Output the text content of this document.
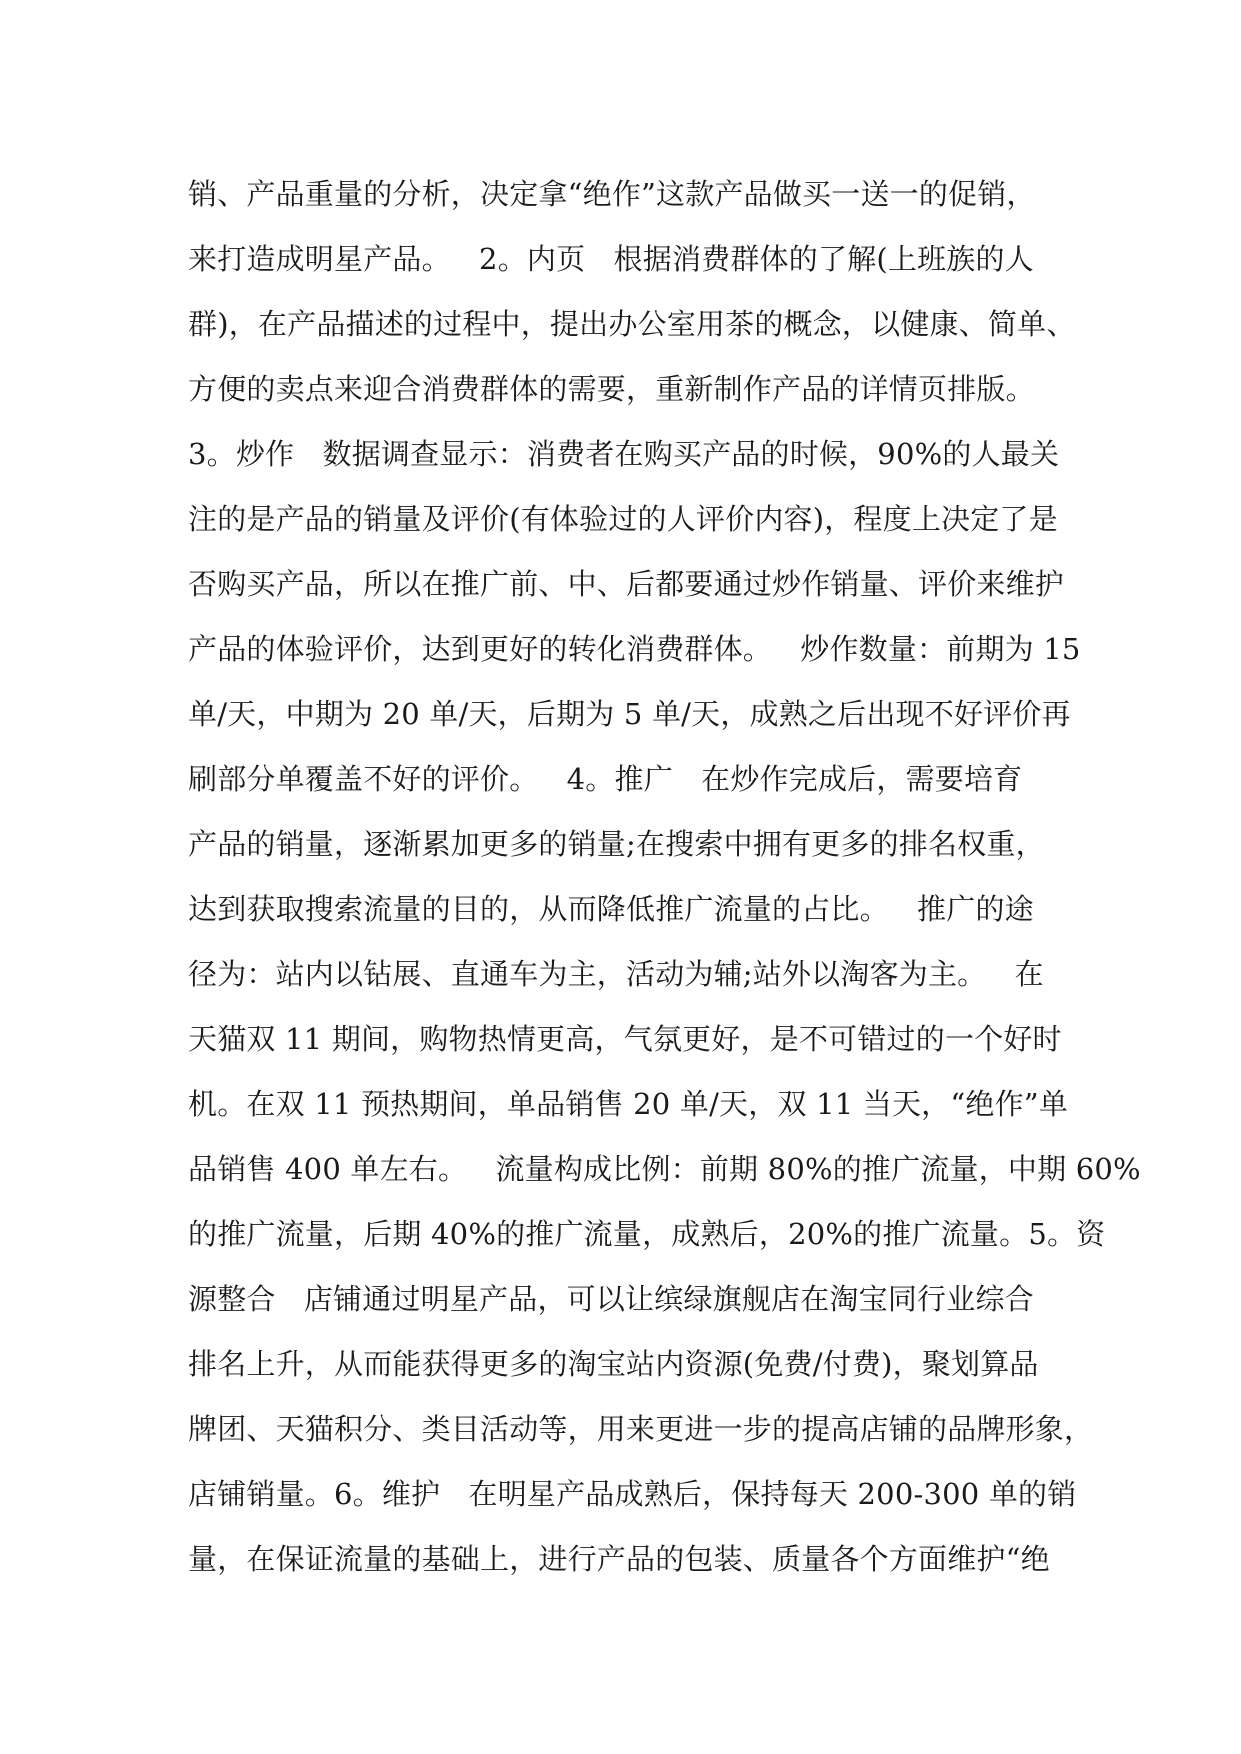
销、产品重量的分析，决定拿“绝作”这款产品做买一送一的促销，
来打造成明星产品。   2。内页   根据消费群体的了解(上班族的人
群)，在产品描述的过程中，提出办公室用茶的概念，以健康、简单、
方便的卖点来迎合消费群体的需要，重新制作产品的详情页排版。
3。炒作   数据调查显示：消费者在购买产品的时候，90%的人最关
注的是产品的销量及评价(有体验过的人评价内容)，程度上决定了是
否购买产品，所以在推广前、中、后都要通过炒作销量、评价来维护
产品的体验评价，达到更好的转化消费群体。   炒作数量：前期为 15
单/天，中期为 20 单/天，后期为 5 单/天，成熟之后出现不好评价再
刷部分单覆盖不好的评价。   4。推广   在炒作完成后，需要培育
产品的销量，逐渐累加更多的销量;在搜索中拥有更多的排名权重，
达到获取搜索流量的目的，从而降低推广流量的占比。   推广的途
径为：站内以钻展、直通车为主，活动为辅;站外以淘客为主。   在
天猫双 11 期间，购物热情更高，气氛更好，是不可错过的一个好时
机。在双 11 预热期间，单品销售 20 单/天，双 11 当天，“绝作”单
品销售 400 单左右。   流量构成比例：前期 80%的推广流量，中期 60%
的推广流量，后期 40%的推广流量，成熟后，20%的推广流量。5。资
源整合   店铺通过明星产品，可以让缤绿旗舰店在淘宝同行业综合
排名上升，从而能获得更多的淘宝站内资源(免费/付费)，聚划算品
牌团、天猫积分、类目活动等，用来更进一步的提高店铺的品牌形象，
店铺销量。6。维护   在明星产品成熟后，保持每天 200-300 单的销
量，在保证流量的基础上，进行产品的包装、质量各个方面维护“绝
